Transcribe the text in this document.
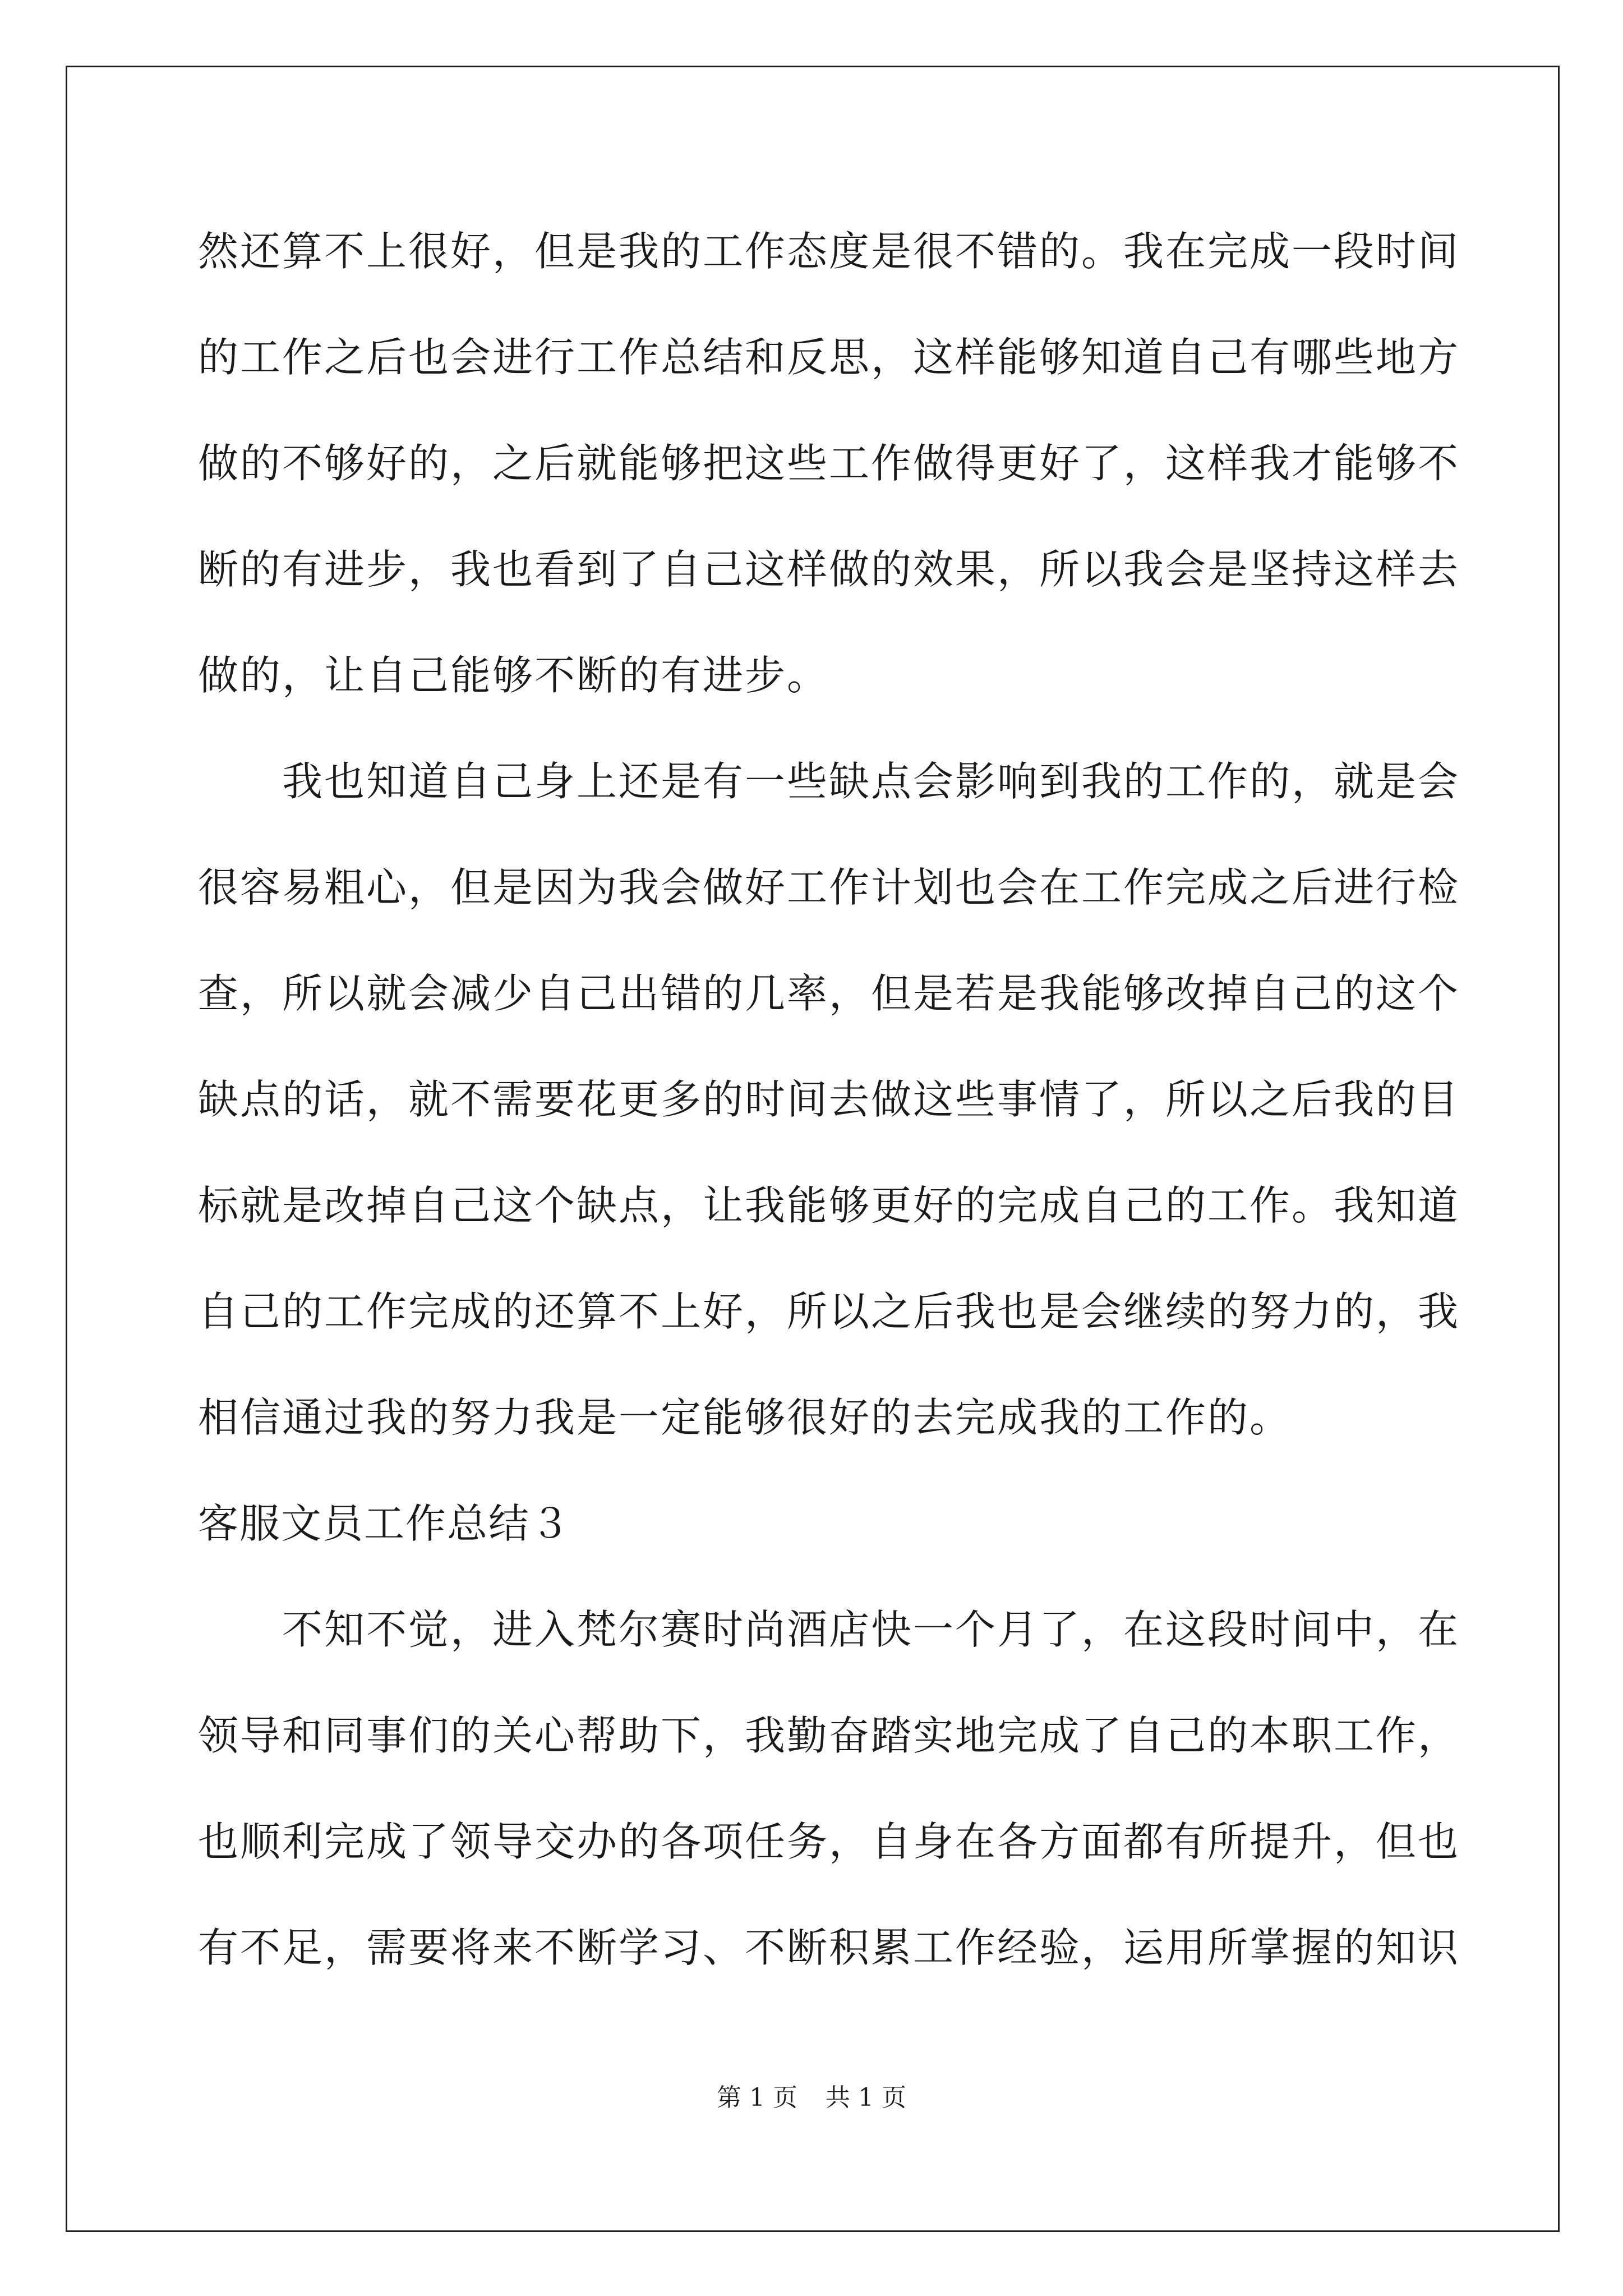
然还算不上很好，但是我的工作态度是很不错的。我在完成一段时间
的工作之后也会进行工作总结和反思，这样能够知道自己有哪些地方
做的不够好的，之后就能够把这些工作做得更好了，这样我才能够不
断的有进步，我也看到了自己这样做的效果，所以我会是坚持这样去
做的，让自己能够不断的有进步。
我也知道自己身上还是有一些缺点会影响到我的工作的，就是会
很容易粗心，但是因为我会做好工作计划也会在工作完成之后进行检
查，所以就会减少自己出错的几率，但是若是我能够改掉自己的这个
缺点的话，就不需要花更多的时间去做这些事情了，所以之后我的目
标就是改掉自己这个缺点，让我能够更好的完成自己的工作。我知道
自己的工作完成的还算不上好，所以之后我也是会继续的努力的，我
相信通过我的努力我是一定能够很好的去完成我的工作的。
客服文员工作总结３
不知不觉，进入梵尔赛时尚酒店快一个月了，在这段时间中，在
领导和同事们的关心帮助下，我勤奋踏实地完成了自己的本职工作，
也顺利完成了领导交办的各项任务，自身在各方面都有所提升，但也
有不足，需要将来不断学习、不断积累工作经验，运用所掌握的知识
第 1 页 共 1 页
